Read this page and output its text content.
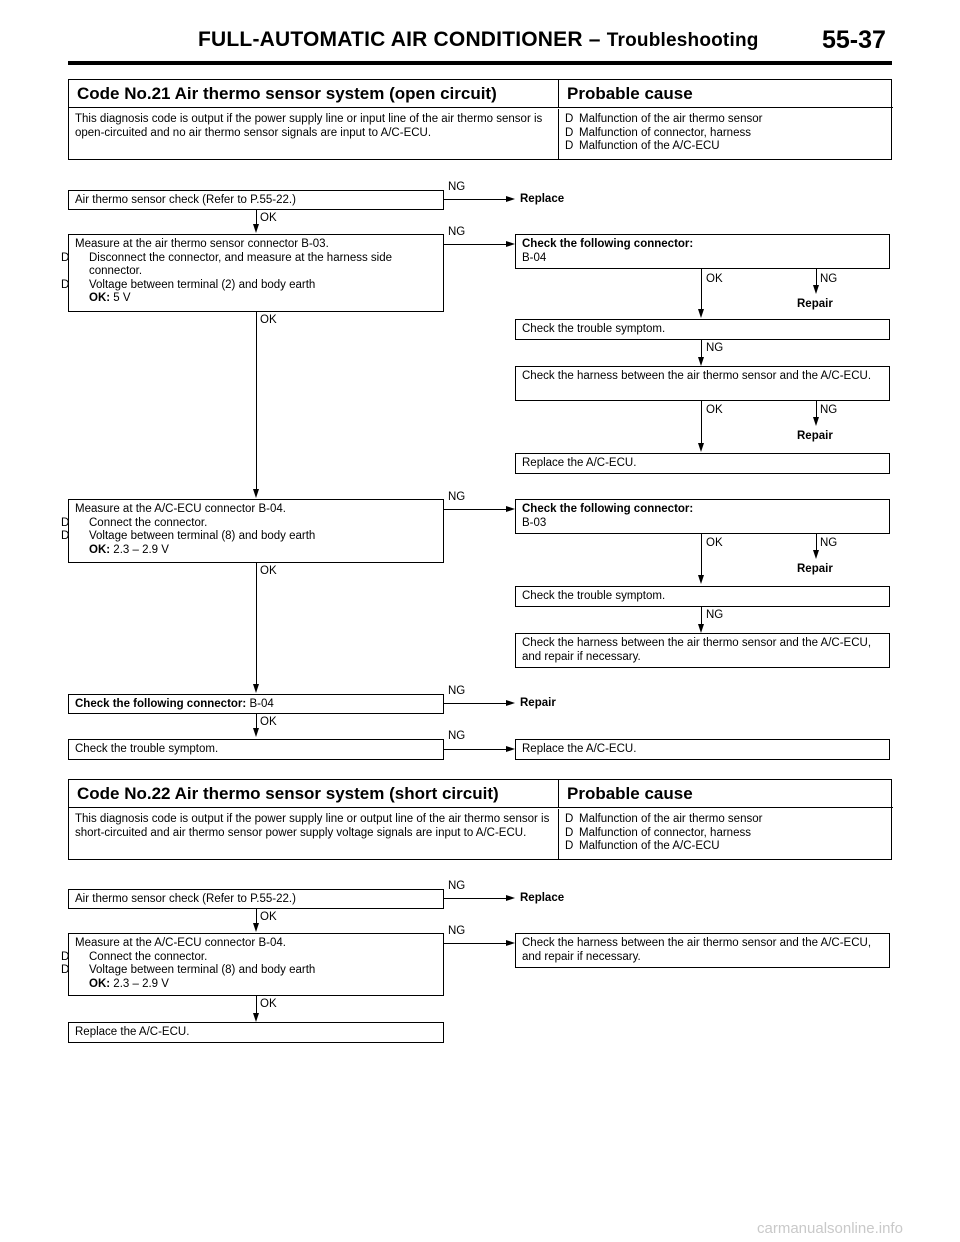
FULL-AUTOMATIC AIR CONDITIONER – Troubleshooting	55-37
Code No.21 Air thermo sensor system (open circuit)	Probable cause
This diagnosis code is output if the power supply line or input line of the air thermo sensor is open-circuited and no air thermo sensor signals are input to A/C-ECU.
D Malfunction of the air thermo sensor
D Malfunction of connector, harness
D Malfunction of the A/C-ECU
Air thermo sensor check (Refer to P.55-22.)
NG
Replace
OK
Measure at the air thermo sensor connector B-03.
D Disconnect the connector, and measure at the harness side connector.
D Voltage between terminal (2) and body earth
OK: 5 V
NG
Check the following connector:
B-04
OK	NG
Repair
Check the trouble symptom.
NG
Check the harness between the air thermo sensor and the A/C-ECU.
OK	NG
Repair
Replace the A/C-ECU.
OK
Measure at the A/C-ECU connector B-04.
D Connect the connector.
D Voltage between terminal (8) and body earth
OK: 2.3 – 2.9 V
NG
Check the following connector:
B-03
OK	NG
Repair
Check the trouble symptom.
NG
Check the harness between the air thermo sensor and the A/C-ECU, and repair if necessary.
OK
Check the following connector: B-04
NG
Repair
OK
Check the trouble symptom.
NG
Replace the A/C-ECU.
Code No.22 Air thermo sensor system (short circuit)	Probable cause
This diagnosis code is output if the power supply line or output line of the air thermo sensor is short-circuited and air thermo sensor power supply voltage signals are input to A/C-ECU.
D Malfunction of the air thermo sensor
D Malfunction of connector, harness
D Malfunction of the A/C-ECU
Air thermo sensor check (Refer to P.55-22.)
NG
Replace
OK
Measure at the A/C-ECU connector B-04.
D Connect the connector.
D Voltage between terminal (8) and body earth
OK: 2.3 – 2.9 V
NG
Check the harness between the air thermo sensor and the A/C-ECU, and repair if necessary.
OK
Replace the A/C-ECU.
carmanualsonline.info
